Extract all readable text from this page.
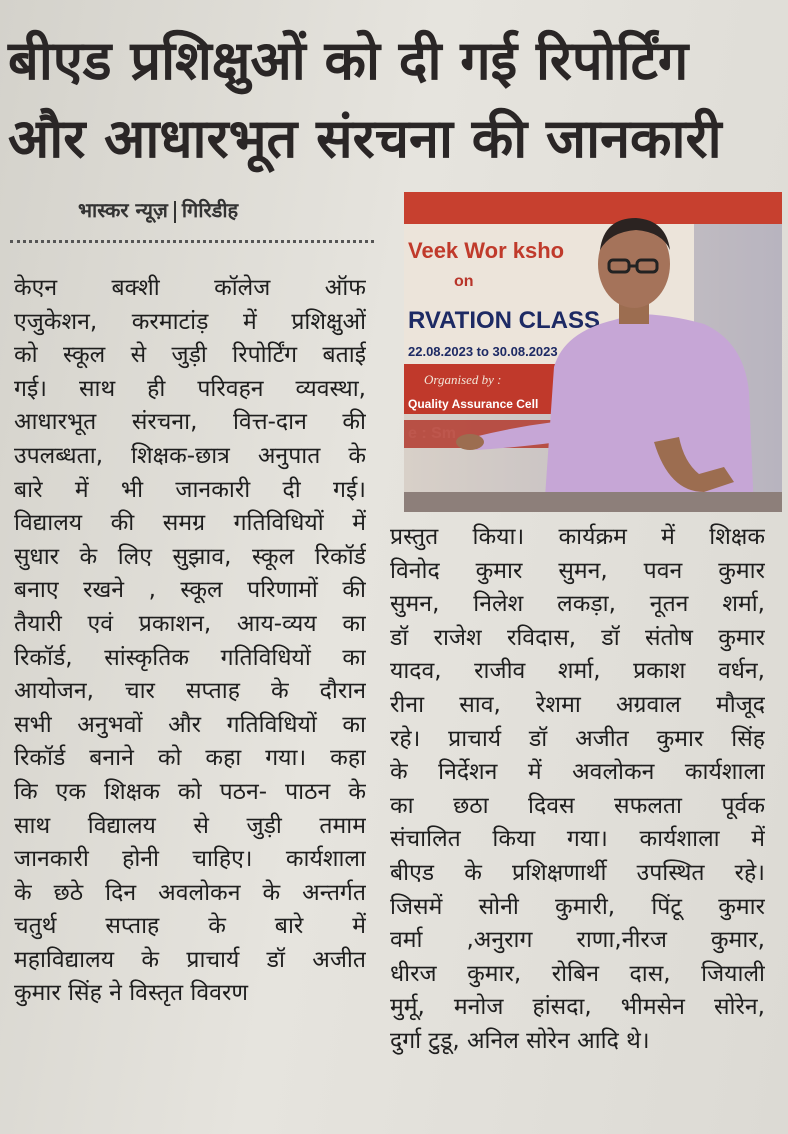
बीएड प्रशिक्षुओं को दी गई रिपोर्टिंग
और आधारभूत संरचना की जानकारी
भास्कर न्यूज़ गिरिडीह
Veek Wor ksho
on
RVATION CLASS
22.08.2023 to 30.08.2023
Organised by :
Quality Assurance Cell
केएन बक्शी कॉलेज ऑफ
एजुकेशन, करमाटांड़ में प्रशिक्षुओं
को स्कूल से जुड़ी रिपोर्टिंग बताई
गई। साथ ही परिवहन व्यवस्था,
आधारभूत संरचना, वित्त-दान की
उपलब्धता, शिक्षक-छात्र अनुपात के
बारे में भी जानकारी दी गई।
विद्यालय की समग्र गतिविधियों में
सुधार के लिए सुझाव, स्कूल रिकॉर्ड
बनाए रखने , स्कूल परिणामों की
तैयारी एवं प्रकाशन, आय-व्यय का
रिकॉर्ड, सांस्कृतिक गतिविधियों का
आयोजन, चार सप्ताह के दौरान
सभी अनुभवों और गतिविधियों का
रिकॉर्ड बनाने को कहा गया। कहा
कि एक शिक्षक को पठन- पाठन के
साथ विद्यालय से जुड़ी तमाम
जानकारी होनी चाहिए। कार्यशाला
के छठे दिन अवलोकन के अन्तर्गत
चतुर्थ सप्ताह के बारे में
महाविद्यालय के प्राचार्य डॉ अजीत
कुमार सिंह ने विस्तृत विवरण
प्रस्तुत किया। कार्यक्रम में शिक्षक
विनोद कुमार सुमन, पवन कुमार
सुमन, निलेश लकड़ा, नूतन शर्मा,
डॉ राजेश रविदास, डॉ संतोष कुमार
यादव, राजीव शर्मा, प्रकाश वर्धन,
रीना साव, रेशमा अग्रवाल मौजूद
रहे। प्राचार्य डॉ अजीत कुमार सिंह
के निर्देशन में अवलोकन कार्यशाला
का छठा दिवस सफलता पूर्वक
संचालित किया गया। कार्यशाला में
बीएड के प्रशिक्षणार्थी उपस्थित रहे।
जिसमें सोनी कुमारी, पिंटू कुमार
वर्मा ,अनुराग राणा,नीरज कुमार,
धीरज कुमार, रोबिन दास, जियाली
मुर्मू, मनोज हांसदा, भीमसेन सोरेन,
दुर्गा टुडू, अनिल सोरेन आदि थे।
